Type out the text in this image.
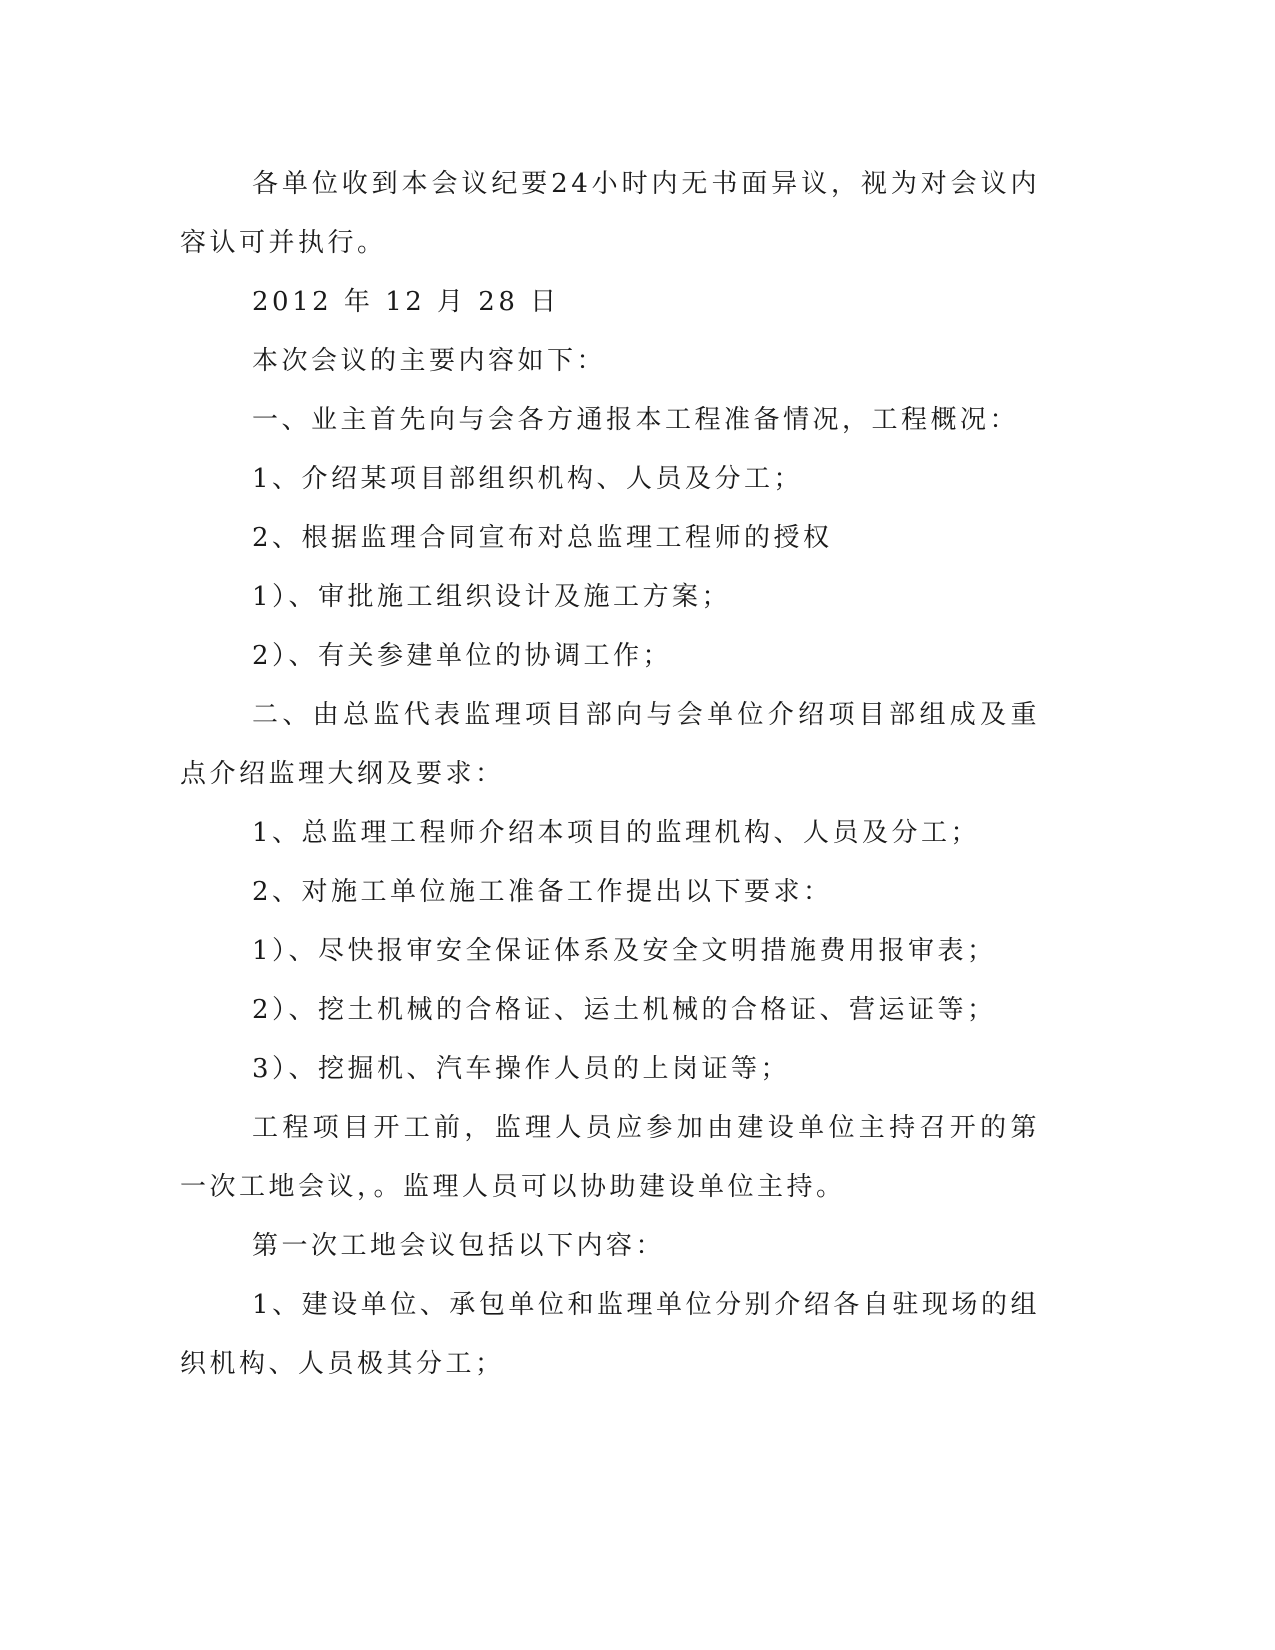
各单位收到本会议纪要24小时内无书面异议，视为对会议内容认可并执行。

2012 年 12 月 28 日

本次会议的主要内容如下：

一、业主首先向与会各方通报本工程准备情况，工程概况：

1、介绍某项目部组织机构、人员及分工；

2、根据监理合同宣布对总监理工程师的授权

1）、审批施工组织设计及施工方案；

2）、有关参建单位的协调工作；

二、由总监代表监理项目部向与会单位介绍项目部组成及重点介绍监理大纲及要求：

1、总监理工程师介绍本项目的监理机构、人员及分工；

2、对施工单位施工准备工作提出以下要求：

1）、尽快报审安全保证体系及安全文明措施费用报审表；

2）、挖土机械的合格证、运土机械的合格证、营运证等；

3）、挖掘机、汽车操作人员的上岗证等；

工程项目开工前，监理人员应参加由建设单位主持召开的第一次工地会议，。监理人员可以协助建设单位主持。

第一次工地会议包括以下内容：

1、建设单位、承包单位和监理单位分别介绍各自驻现场的组织机构、人员极其分工；
